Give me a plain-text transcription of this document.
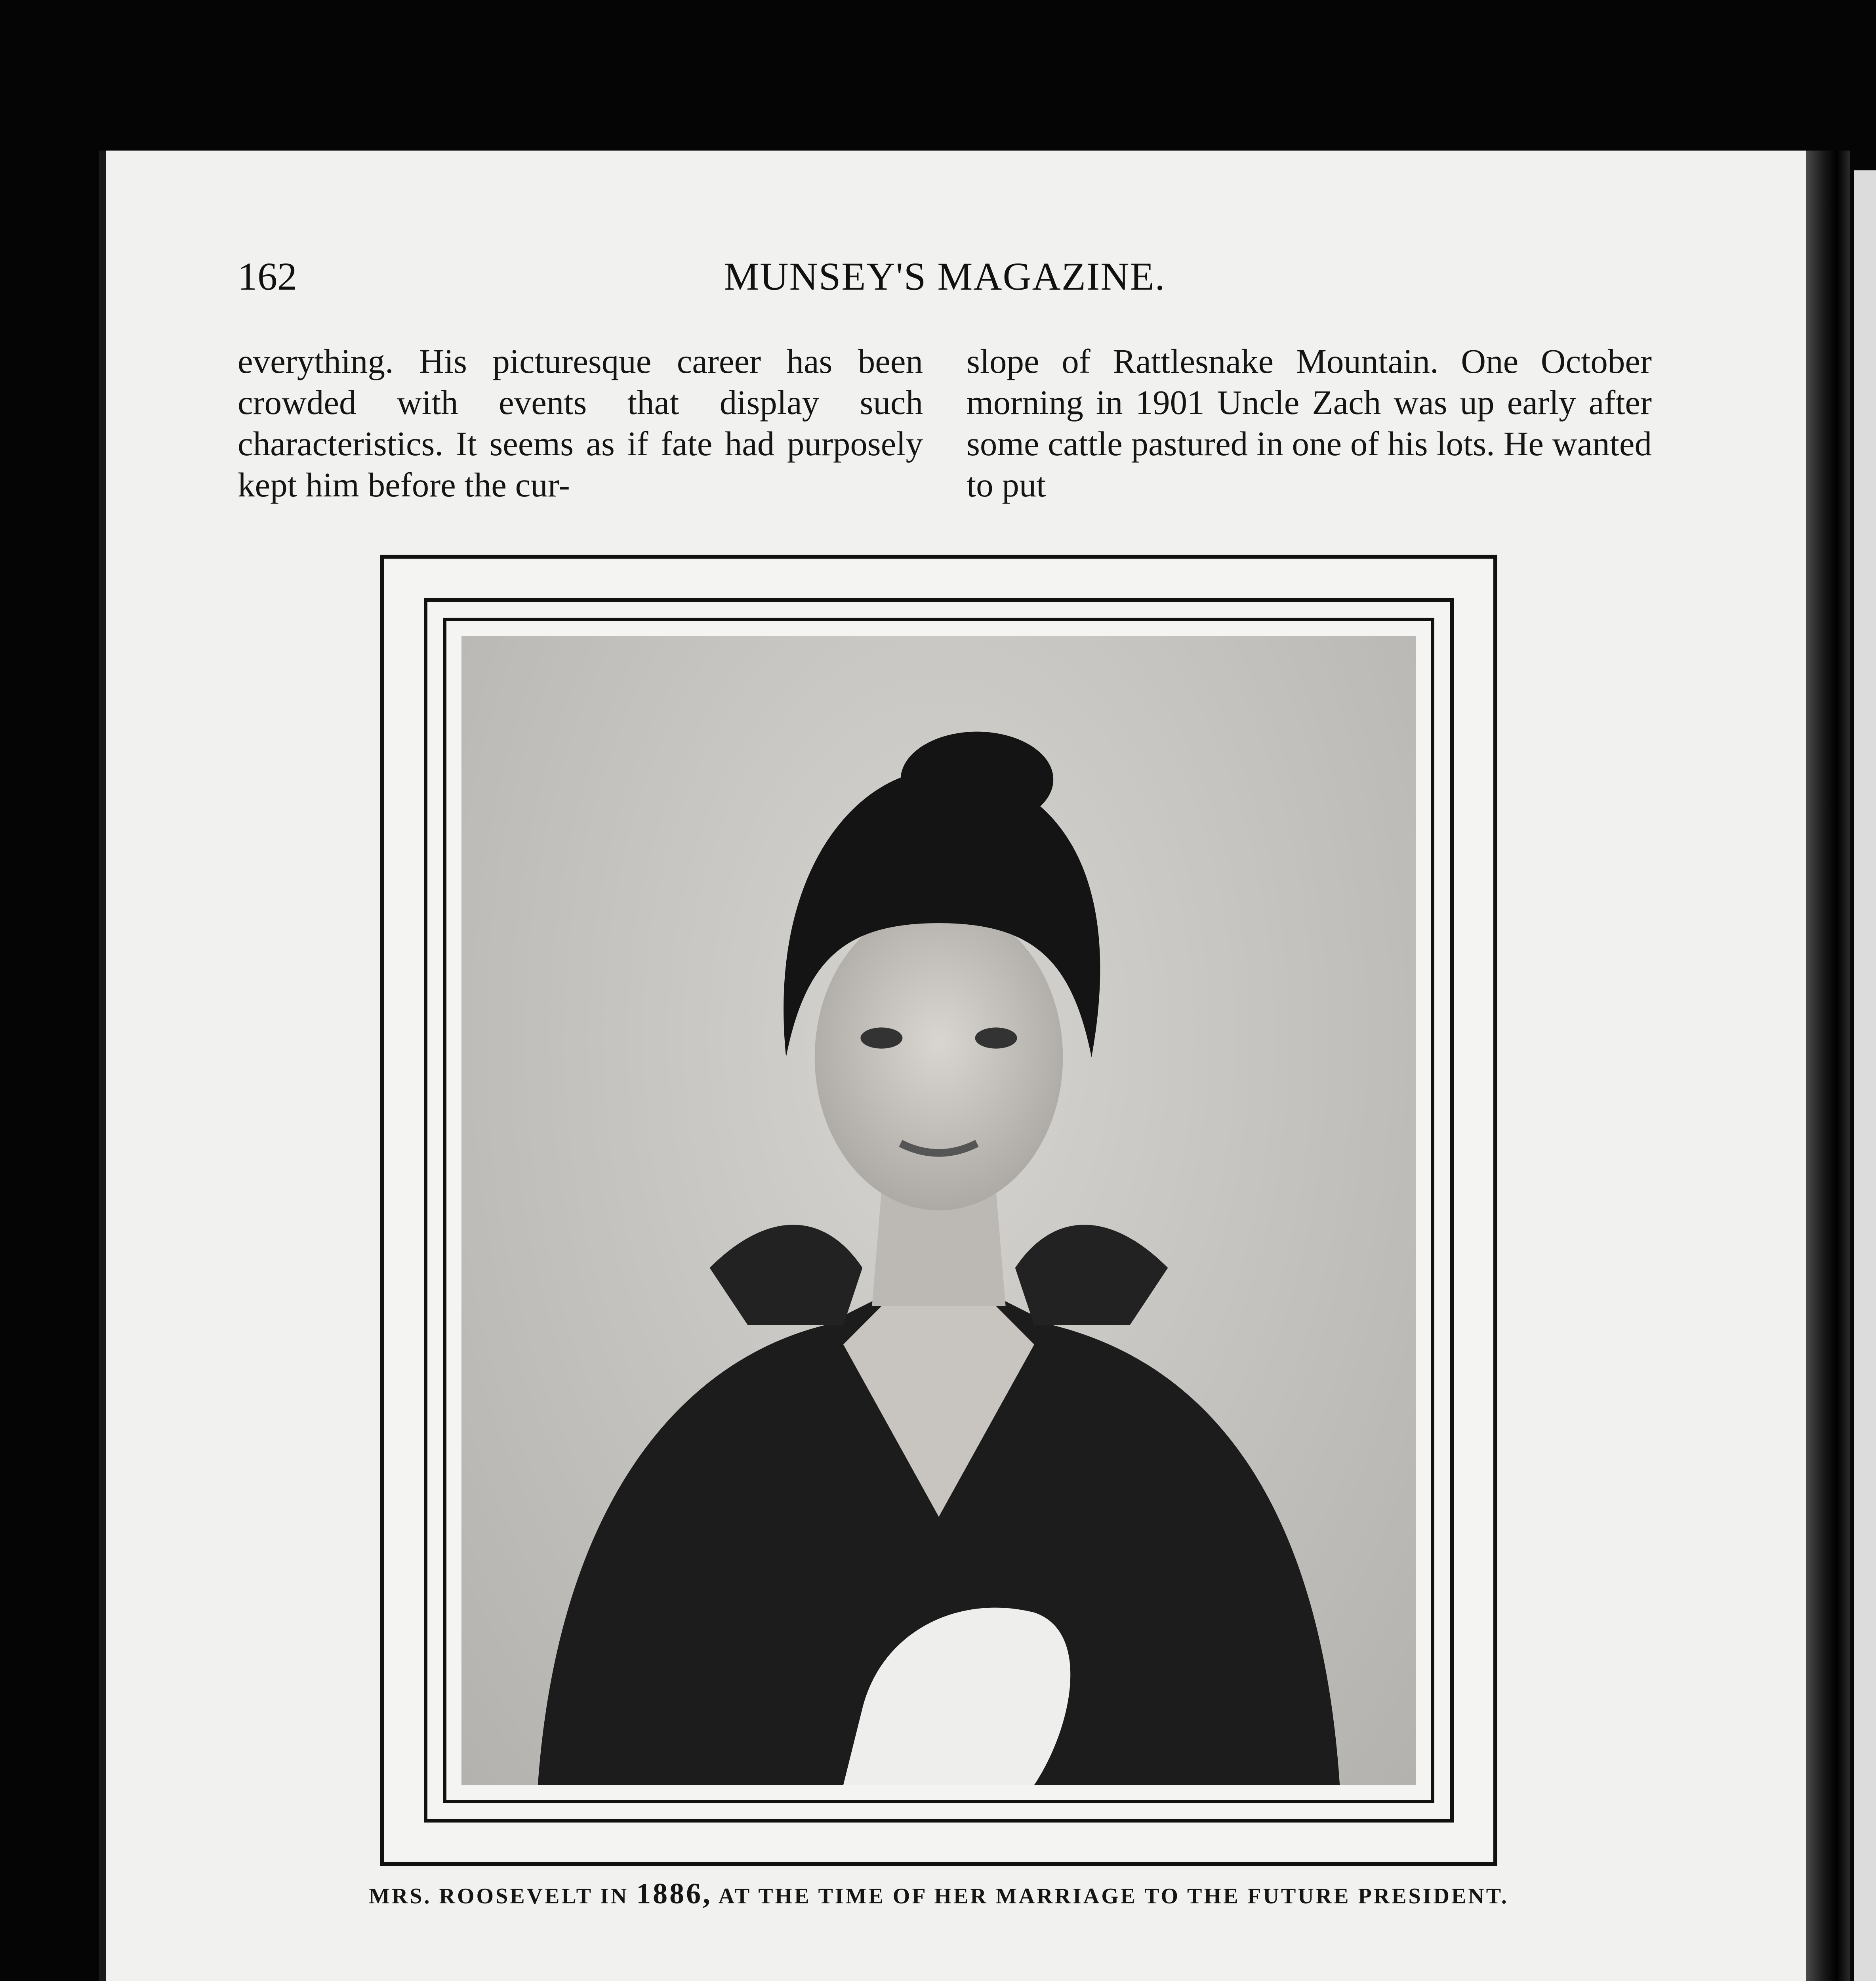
162	MUNSEY'S MAGAZINE.

everything. His picturesque career has been crowded with events that display such characteristics. It seems as if fate had purposely kept him before the cur-

slope of Rattlesnake Mountain. One October morning in 1901 Uncle Zach was up early after some cattle pastured in one of his lots. He wanted to put

MRS. ROOSEVELT IN 1886, AT THE TIME OF HER MARRIAGE TO THE FUTURE PRESIDENT.
